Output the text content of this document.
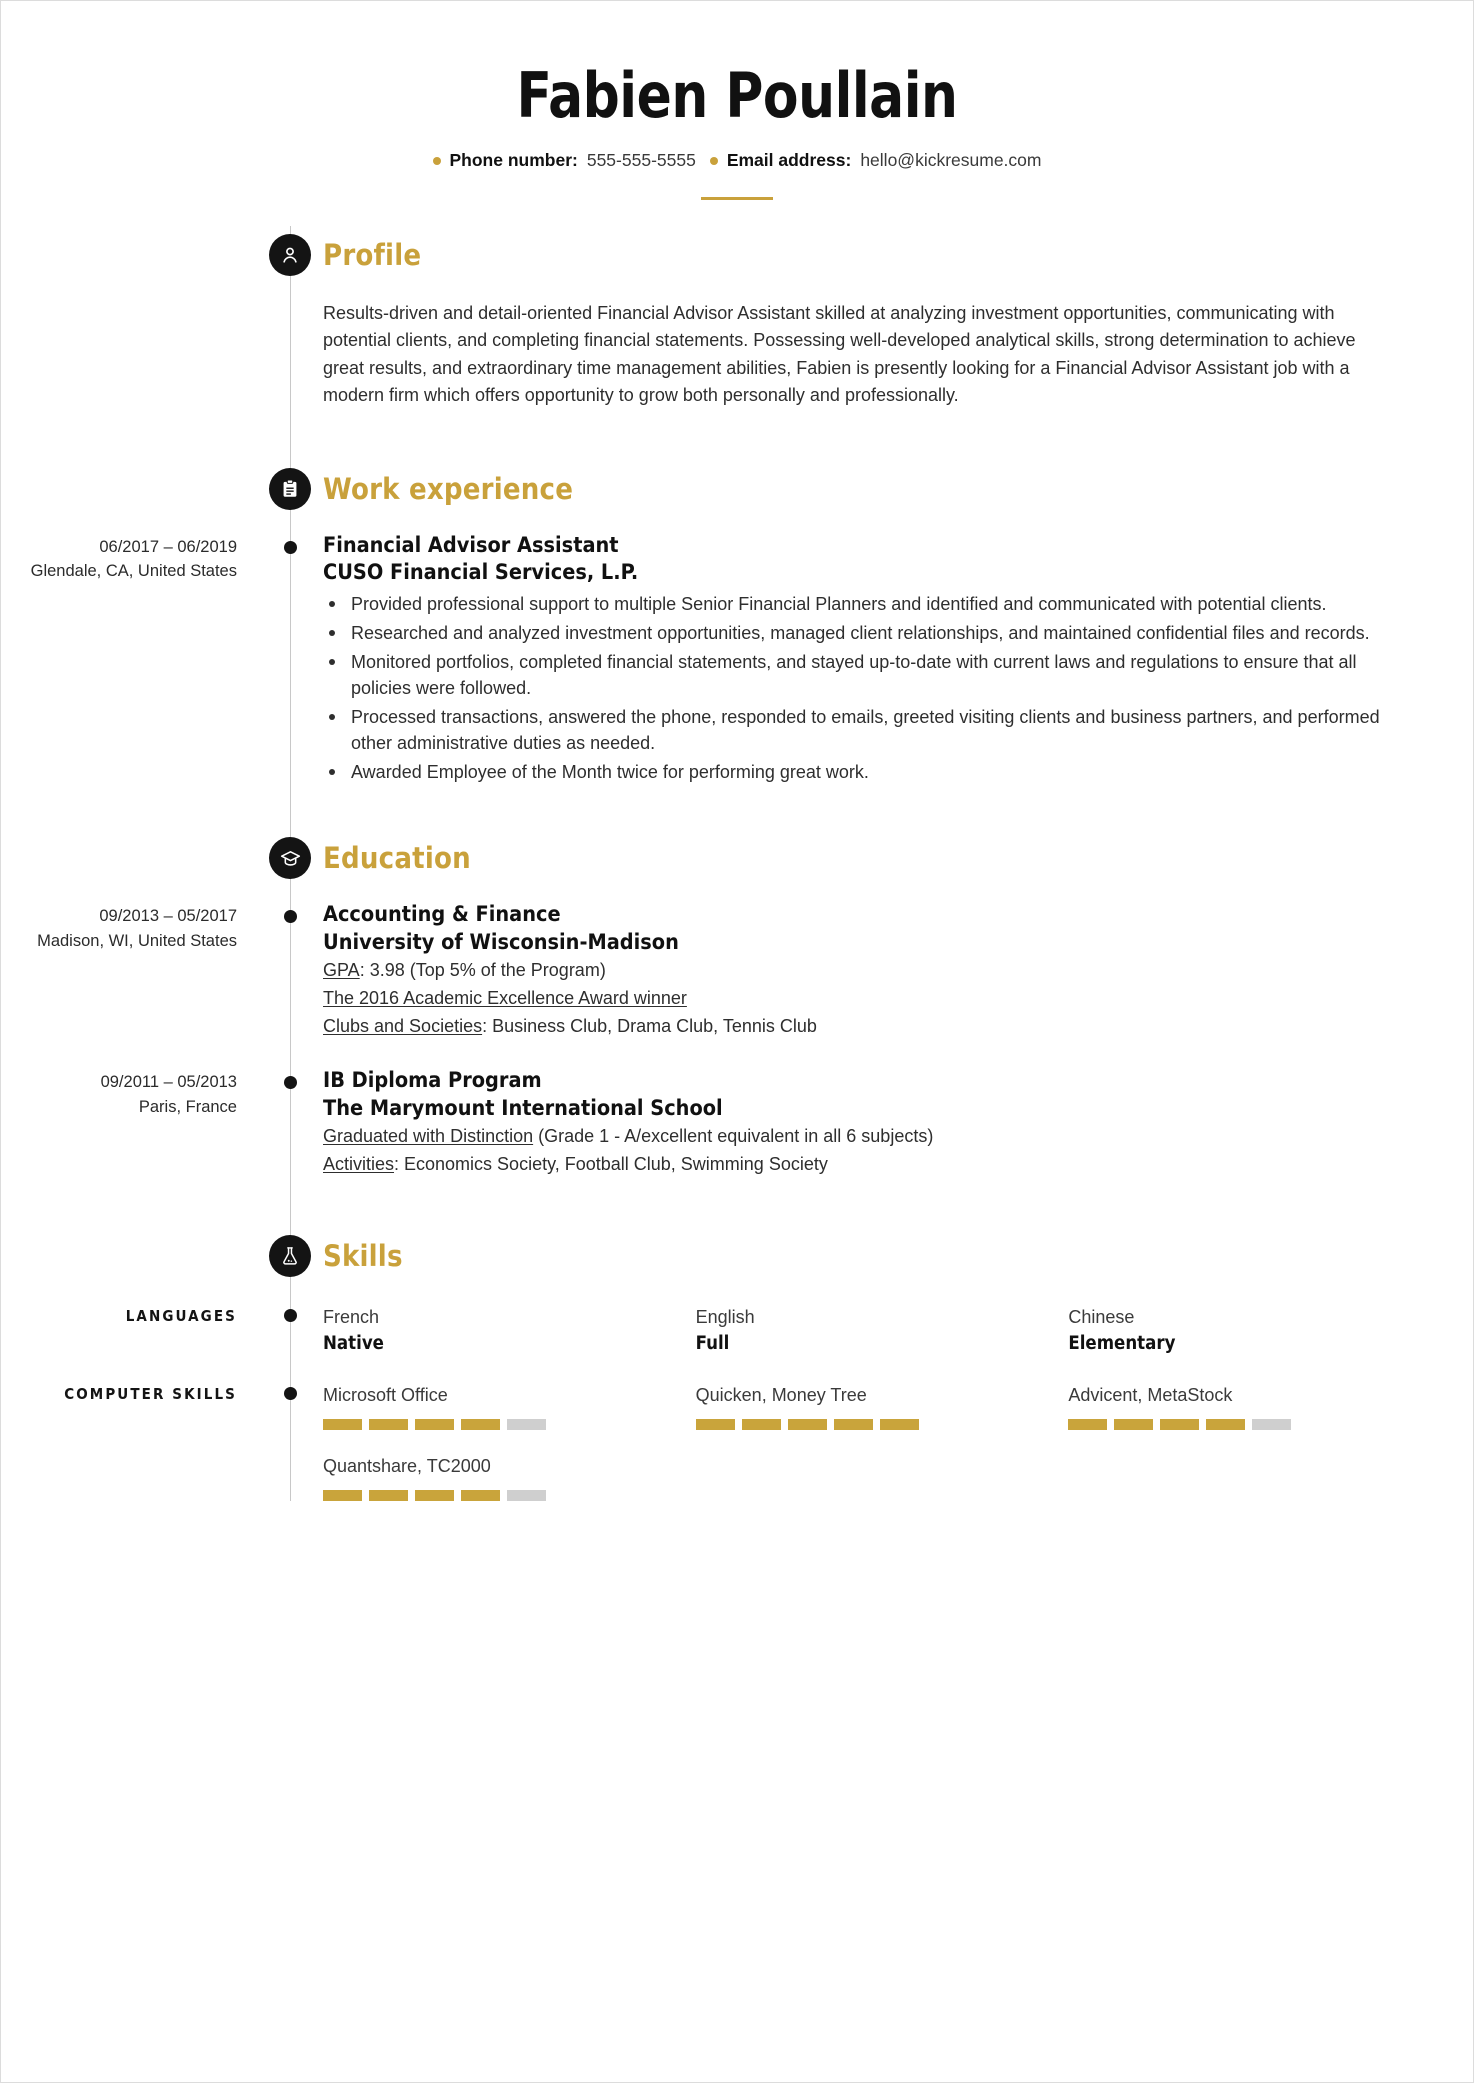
Fabien Poullain
Phone number: 555-555-5555 Email address: hello@kickresume.com
Profile
Results-driven and detail-oriented Financial Advisor Assistant skilled at analyzing investment opportunities, communicating with potential clients, and completing financial statements. Possessing well-developed analytical skills, strong determination to achieve great results, and extraordinary time management abilities, Fabien is presently looking for a Financial Advisor Assistant job with a modern firm which offers opportunity to grow both personally and professionally.
Work experience
06/2017 – 06/2019
Glendale, CA, United States
Financial Advisor Assistant
CUSO Financial Services, L.P.
Provided professional support to multiple Senior Financial Planners and identified and communicated with potential clients.
Researched and analyzed investment opportunities, managed client relationships, and maintained confidential files and records.
Monitored portfolios, completed financial statements, and stayed up-to-date with current laws and regulations to ensure that all policies were followed.
Processed transactions, answered the phone, responded to emails, greeted visiting clients and business partners, and performed other administrative duties as needed.
Awarded Employee of the Month twice for performing great work.
Education
09/2013 – 05/2017
Madison, WI, United States
Accounting & Finance
University of Wisconsin-Madison
GPA: 3.98 (Top 5% of the Program)
The 2016 Academic Excellence Award winner
Clubs and Societies: Business Club, Drama Club, Tennis Club
09/2011 – 05/2013
Paris, France
IB Diploma Program
The Marymount International School
Graduated with Distinction (Grade 1 - A/excellent equivalent in all 6 subjects)
Activities: Economics Society, Football Club, Swimming Society
Skills
LANGUAGES	French
Native
English
Full
Chinese
Elementary
COMPUTER SKILLS	Microsoft Office	Quicken, Money Tree	Advicent, MetaStock
Quantshare, TC2000
